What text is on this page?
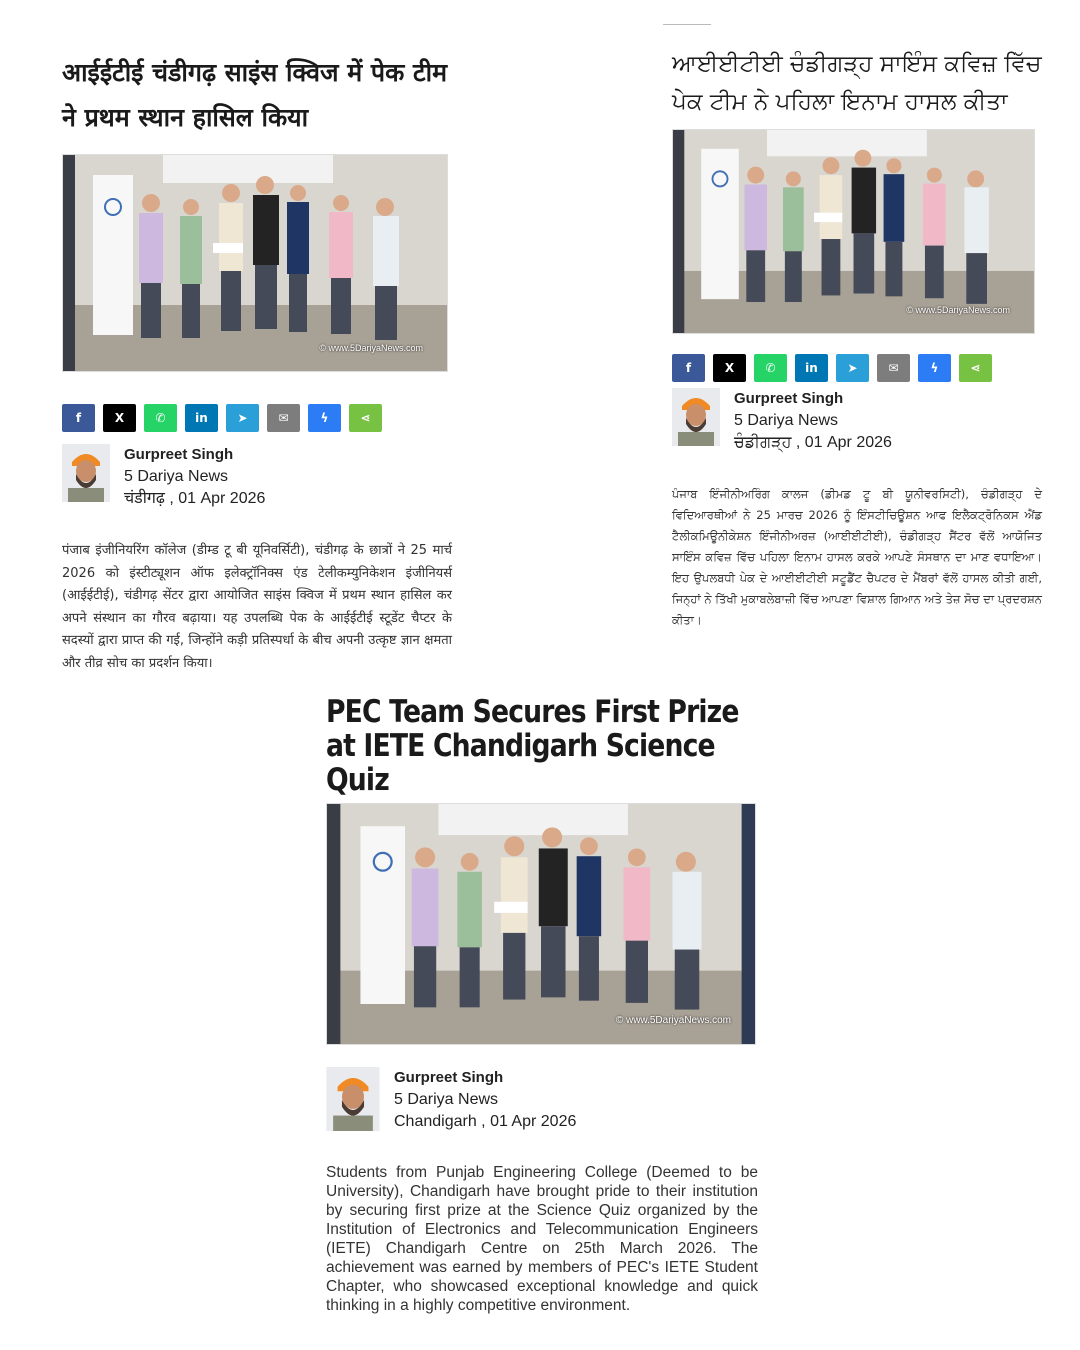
आईईटीई चंडीगढ़ साइंस क्विज में पेक टीम ने प्रथम स्थान हासिल किया
© www.5DariyaNews.com
f	X	✆	in	➤	✉	ϟ	⋖
Gurpreet Singh
5 Dariya News
चंडीगढ़ , 01 Apr 2026

पंजाब इंजीनियरिंग कॉलेज (डीम्ड टू बी यूनिवर्सिटी), चंडीगढ़ के छात्रों ने 25 मार्च 2026 को इंस्टीट्यूशन ऑफ इलेक्ट्रॉनिक्स एंड टेलीकम्युनिकेशन इंजीनियर्स (आईईटीई), चंडीगढ़ सेंटर द्वारा आयोजित साइंस क्विज में प्रथम स्थान हासिल कर अपने संस्थान का गौरव बढ़ाया। यह उपलब्धि पेक के आईईटीई स्टूडेंट चैप्टर के सदस्यों द्वारा प्राप्त की गई, जिन्होंने कड़ी प्रतिस्पर्धा के बीच अपनी उत्कृष्ट ज्ञान क्षमता और तीव्र सोच का प्रदर्शन किया।

ਆਈਈਟੀਈ ਚੰਡੀਗੜ੍ਹ ਸਾਇੰਸ ਕਵਿਜ਼ ਵਿੱਚ ਪੇਕ ਟੀਮ ਨੇ ਪਹਿਲਾ ਇਨਾਮ ਹਾਸਲ ਕੀਤਾ
© www.5DariyaNews.com
f	X	✆	in	➤	✉	ϟ	⋖
Gurpreet Singh
5 Dariya News
ਚੰਡੀਗੜ੍ਹ , 01 Apr 2026

ਪੰਜਾਬ ਇੰਜੀਨੀਅਰਿੰਗ ਕਾਲਜ (ਡੀਮਡ ਟੂ ਬੀ ਯੂਨੀਵਰਸਿਟੀ), ਚੰਡੀਗੜ੍ਹ ਦੇ ਵਿਦਿਆਰਥੀਆਂ ਨੇ 25 ਮਾਰਚ 2026 ਨੂੰ ਇੰਸਟੀਚਿਊਸ਼ਨ ਆਫ ਇਲੈਕਟ੍ਰੋਨਿਕਸ ਐਂਡ ਟੈਲੀਕਮਿਊਨੀਕੇਸ਼ਨ ਇੰਜੀਨੀਅਰਜ਼ (ਆਈਈਟੀਈ), ਚੰਡੀਗੜ੍ਹ ਸੈਂਟਰ ਵੱਲੋਂ ਆਯੋਜਿਤ ਸਾਇੰਸ ਕਵਿਜ਼ ਵਿੱਚ ਪਹਿਲਾ ਇਨਾਮ ਹਾਸਲ ਕਰਕੇ ਆਪਣੇ ਸੰਸਥਾਨ ਦਾ ਮਾਣ ਵਧਾਇਆ। ਇਹ ਉਪਲਬਧੀ ਪੇਕ ਦੇ ਆਈਈਟੀਈ ਸਟੂਡੈਂਟ ਚੈਪਟਰ ਦੇ ਮੈਂਬਰਾਂ ਵੱਲੋਂ ਹਾਸਲ ਕੀਤੀ ਗਈ, ਜਿਨ੍ਹਾਂ ਨੇ ਤਿੱਖੀ ਮੁਕਾਬਲੇਬਾਜ਼ੀ ਵਿੱਚ ਆਪਣਾ ਵਿਸ਼ਾਲ ਗਿਆਨ ਅਤੇ ਤੇਜ਼ ਸੋਚ ਦਾ ਪ੍ਰਦਰਸ਼ਨ ਕੀਤਾ।

PEC Team Secures First Prize at IETE Chandigarh Science Quiz
© www.5DariyaNews.com
Gurpreet Singh
5 Dariya News
Chandigarh , 01 Apr 2026

Students from Punjab Engineering College (Deemed to be University), Chandigarh have brought pride to their institution by securing first prize at the Science Quiz organized by the Institution of Electronics and Telecommunication Engineers (IETE) Chandigarh Centre on 25th March 2026. The achievement was earned by members of PEC's IETE Student Chapter, who showcased exceptional knowledge and quick thinking in a highly competitive environment.
